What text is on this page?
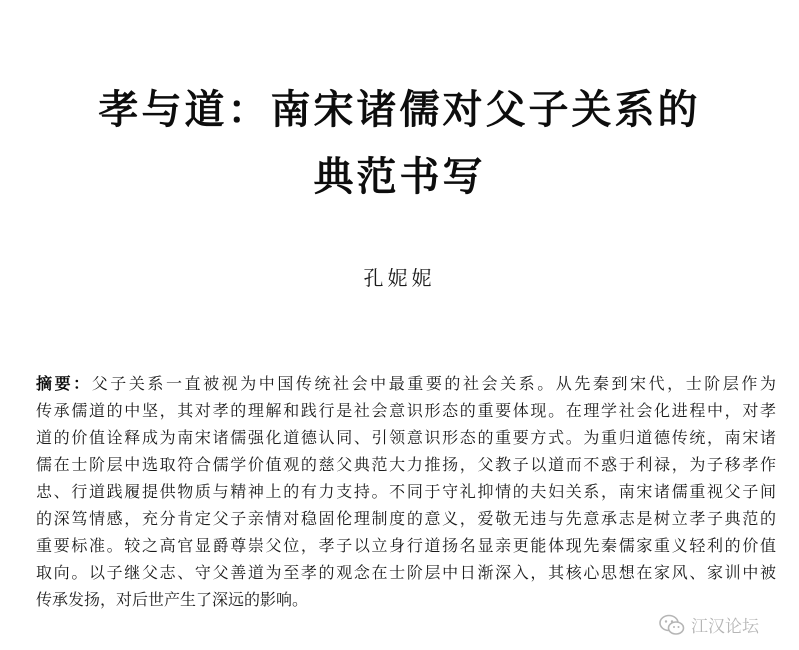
孝与道：南宋诸儒对父子关系的
典范书写
孔妮妮
摘要：父子关系一直被视为中国传统社会中最重要的社会关系。从先秦到宋代，士阶层作为
传承儒道的中坚，其对孝的理解和践行是社会意识形态的重要体现。在理学社会化进程中，对孝
道的价值诠释成为南宋诸儒强化道德认同、引领意识形态的重要方式。为重归道德传统，南宋诸
儒在士阶层中选取符合儒学价值观的慈父典范大力推扬，父教子以道而不惑于利禄，为子移孝作
忠、行道践履提供物质与精神上的有力支持。不同于守礼抑情的夫妇关系，南宋诸儒重视父子间
的深笃情感，充分肯定父子亲情对稳固伦理制度的意义，爱敬无违与先意承志是树立孝子典范的
重要标准。较之高官显爵尊崇父位，孝子以立身行道扬名显亲更能体现先秦儒家重义轻利的价值
取向。以子继父志、守父善道为至孝的观念在士阶层中日渐深入，其核心思想在家风、家训中被
传承发扬，对后世产生了深远的影响。
江汉论坛
